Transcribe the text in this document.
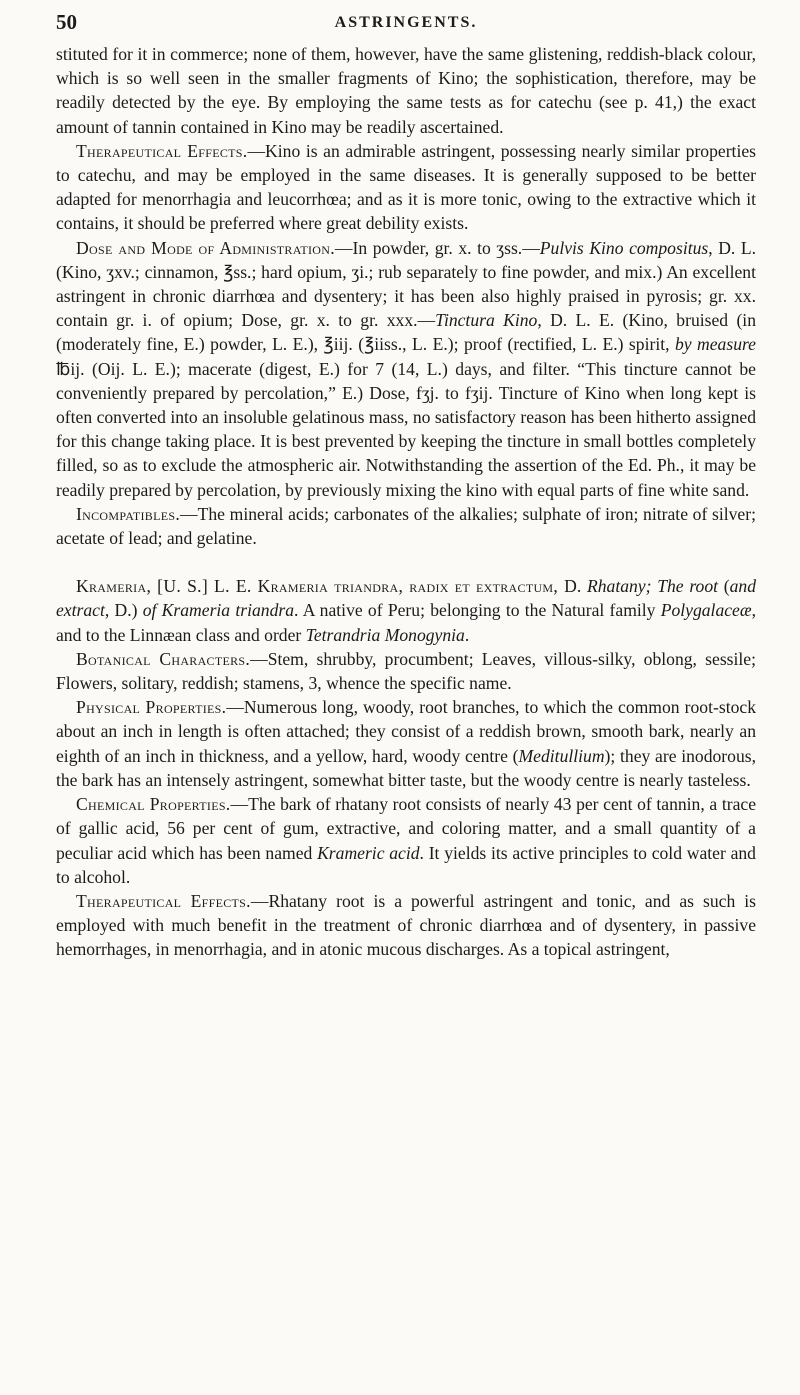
50	ASTRINGENTS.

stituted for it in commerce; none of them, however, have the same glistening, reddish-black colour, which is so well seen in the smaller fragments of Kino; the sophistication, therefore, may be readily detected by the eye. By employing the same tests as for catechu (see p. 41,) the exact amount of tannin contained in Kino may be readily ascertained.

Therapeutical Effects.—Kino is an admirable astringent, possessing nearly similar properties to catechu, and may be employed in the same diseases. It is generally supposed to be better adapted for menorrhagia and leucorrhœa; and as it is more tonic, owing to the extractive which it contains, it should be preferred where great debility exists.

Dose and Mode of Administration.—In powder, gr. x. to ʒss.—Pulvis Kino compositus, D. L. (Kino, ʒxv.; cinnamon, ℥ss.; hard opium, ʒi.; rub separately to fine powder, and mix.) An excellent astringent in chronic diarrhœa and dysentery; it has been also highly praised in pyrosis; gr. xx. contain gr. i. of opium; Dose, gr. x. to gr. xxx.—Tinctura Kino, D. L. E. (Kino, bruised (in (moderately fine, E.) powder, L. E.), ℥iij. (℥iiss., L. E.); proof (rectified, L. E.) spirit, by measure ℔ij. (Oij. L. E.); macerate (digest, E.) for 7 (14, L.) days, and filter. “This tincture cannot be conveniently prepared by percolation,” E.) Dose, fʒj. to fʒij. Tincture of Kino when long kept is often converted into an insoluble gelatinous mass, no satisfactory reason has been hitherto assigned for this change taking place. It is best prevented by keeping the tincture in small bottles completely filled, so as to exclude the atmospheric air. Notwithstanding the assertion of the Ed. Ph., it may be readily prepared by percolation, by previously mixing the kino with equal parts of fine white sand.

Incompatibles.—The mineral acids; carbonates of the alkalies; sulphate of iron; nitrate of silver; acetate of lead; and gelatine.

Krameria, [U. S.] L. E. Krameria triandra, radix et extractum, D. Rhatany; The root (and extract, D.) of Krameria triandra. A native of Peru; belonging to the Natural family Polygalaceæ, and to the Linnæan class and order Tetrandria Monogynia.

Botanical Characters.—Stem, shrubby, procumbent; Leaves, villous-silky, oblong, sessile; Flowers, solitary, reddish; stamens, 3, whence the specific name.

Physical Properties.—Numerous long, woody, root branches, to which the common root-stock about an inch in length is often attached; they consist of a reddish brown, smooth bark, nearly an eighth of an inch in thickness, and a yellow, hard, woody centre (Meditullium); they are inodorous, the bark has an intensely astringent, somewhat bitter taste, but the woody centre is nearly tasteless.

Chemical Properties.—The bark of rhatany root consists of nearly 43 per cent of tannin, a trace of gallic acid, 56 per cent of gum, extractive, and coloring matter, and a small quantity of a peculiar acid which has been named Krameric acid. It yields its active principles to cold water and to alcohol.

Therapeutical Effects.—Rhatany root is a powerful astringent and tonic, and as such is employed with much benefit in the treatment of chronic diarrhœa and of dysentery, in passive hemorrhages, in menorrhagia, and in atonic mucous discharges. As a topical astringent,
